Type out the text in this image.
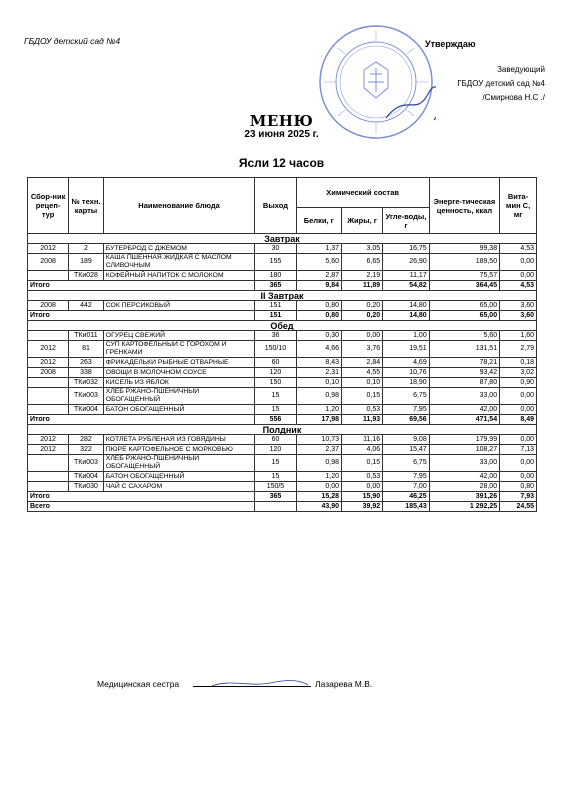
ГБДОУ детский сад №4	Утверждаю
Заведующий
ГБДОУ детский сад №4
/Смирнова Н.С ./
МЕНЮ
23 июня 2025 г.
Ясли 12 часов
Сбор-ник рецеп-тур	№ техн. карты	Наименование блюда	Выход	Химический состав			Энерге-тическая ценность, ккал	Вита-мин С, мг
				Белки, г	Жиры, г	Угле-воды, г		
Завтрак								
2012	2	БУТЕРБРОД С ДЖЕМОМ	30	1,37	3,05	16,75	99,38	4,53
2008	189	КАША ПШЕННАЯ ЖИДКАЯ С МАСЛОМ СЛИВОЧНЫМ	155	5,60	6,65	26,90	189,50	0,00
	ТКи028	КОФЕЙНЫЙ НАПИТОК С МОЛОКОМ	180	2,87	2,19	11,17	75,57	0,00
Итого			365	9,84	11,89	54,82	364,45	4,53
II Завтрак								
2008	442	СОК ПЕРСИКОВЫЙ	151	0,80	0,20	14,80	65,00	3,60
Итого			151	0,80	0,20	14,80	65,00	3,60
Обед								
	ТКи011	ОГУРЕЦ СВЕЖИЙ	36	0,30	0,00	1,00	5,60	1,60
2012	81	СУП КАРТОФЕЛЬНЫЙ С ГОРОХОМ И ГРЕНКАМИ	150/10	4,66	3,76	19,51	131,51	2,79
2012	263	ФРИКАДЕЛЬКИ РЫБНЫЕ ОТВАРНЫЕ	60	8,43	2,84	4,69	78,21	0,18
2008	338	ОВОЩИ В МОЛОЧНОМ СОУСЕ	120	2,31	4,55	10,76	93,42	3,02
	ТКи032	КИСЕЛЬ ИЗ ЯБЛОК	150	0,10	0,10	18,90	87,80	0,90
	ТКи003	ХЛЕБ РЖАНО-ПШЕНИЧНЫЙ ОБОГАЩЕННЫЙ	15	0,98	0,15	6,75	33,00	0,00
	ТКи004	БАТОН ОБОГАЩЕННЫЙ	15	1,20	0,53	7,95	42,00	0,00
Итого			556	17,98	11,93	69,56	471,54	8,49
Полдник								
2012	282	КОТЛЕТА РУБЛЕНАЯ ИЗ ГОВЯДИНЫ	60	10,73	11,16	9,08	179,99	0,00
2012	322	ПЮРЕ КАРТОФЕЛЬНОЕ С МОРКОВЬЮ	120	2,37	4,06	15,47	108,27	7,13
	ТКи003	ХЛЕБ РЖАНО-ПШЕНИЧНЫЙ ОБОГАЩЕННЫЙ	15	0,98	0,15	6,75	33,00	0,00
	ТКи004	БАТОН ОБОГАЩЕННЫЙ	15	1,20	0,53	7,95	42,00	0,00
	ТКи030	ЧАЙ С САХАРОМ	150/5	0,00	0,00	7,00	28,00	0,80
Итого			365	15,28	15,90	46,25	391,26	7,93
Всего				43,90	39,92	185,43	1 292,25	24,55
Медицинская сестра	Лазарева М.В.
